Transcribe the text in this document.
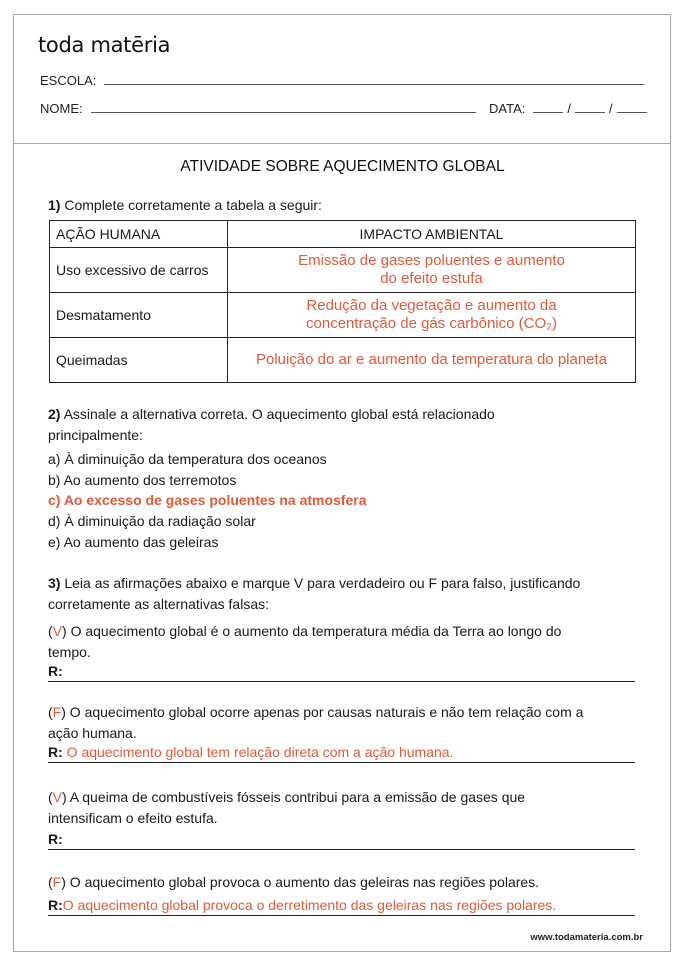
toda matēria
ESCOLA:
NOME:	DATA:	/	/
ATIVIDADE SOBRE AQUECIMENTO GLOBAL
1) Complete corretamente a tabela a seguir:
AÇÃO HUMANA	IMPACTO AMBIENTAL
Uso excessivo de carros	Emissão de gases poluentes e aumento
do efeito estufa
Desmatamento	Redução da vegetação e aumento da
concentração de gás carbônico (CO₂)
Queimadas	Poluição do ar e aumento da temperatura do planeta
2) Assinale a alternativa correta. O aquecimento global está relacionado
principalmente:
a) À diminuição da temperatura dos oceanos
b) Ao aumento dos terremotos
c) Ao excesso de gases poluentes na atmosfera
d) À diminuição da radiação solar
e) Ao aumento das geleiras
3) Leia as afirmações abaixo e marque V para verdadeiro ou F para falso, justificando
corretamente as alternativas falsas:
(V) O aquecimento global é o aumento da temperatura média da Terra ao longo do
tempo.
R:
(F) O aquecimento global ocorre apenas por causas naturais e não tem relação com a
ação humana.
R: O aquecimento global tem relação direta com a ação humana.
(V) A queima de combustíveis fósseis contribui para a emissão de gases que
intensificam o efeito estufa.
R:
(F) O aquecimento global provoca o aumento das geleiras nas regiões polares.
R:O aquecimento global provoca o derretimento das geleiras nas regiões polares.
www.todamateria.com.br
